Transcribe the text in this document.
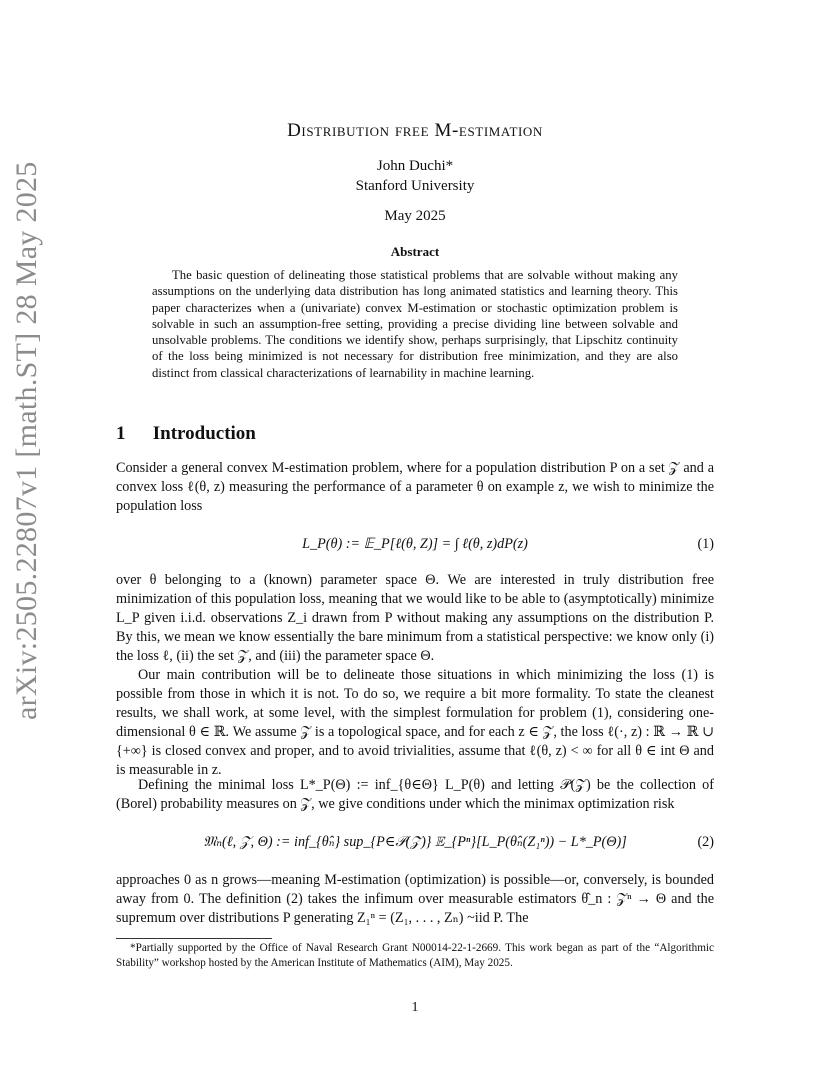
arXiv:2505.22807v1 [math.ST] 28 May 2025
Distribution free M-estimation
John Duchi*
Stanford University
May 2025
Abstract

The basic question of delineating those statistical problems that are solvable without making any assumptions on the underlying data distribution has long animated statistics and learning theory. This paper characterizes when a (univariate) convex M-estimation or stochastic optimization problem is solvable in such an assumption-free setting, providing a precise dividing line between solvable and unsolvable problems. The conditions we identify show, perhaps surprisingly, that Lipschitz continuity of the loss being minimized is not necessary for distribution free minimization, and they are also distinct from classical characterizations of learnability in machine learning.

1 Introduction

Consider a general convex M-estimation problem, where for a population distribution P on a set 𝒵 and a convex loss ℓ(θ, z) measuring the performance of a parameter θ on example z, we wish to minimize the population loss

L_P(θ) := 𝔼_P[ℓ(θ, Z)] = ∫ ℓ(θ, z)dP(z)	(1)

over θ belonging to a (known) parameter space Θ. We are interested in truly distribution free minimization of this population loss, meaning that we would like to be able to (asymptotically) minimize L_P given i.i.d. observations Z_i drawn from P without making any assumptions on the distribution P. By this, we mean we know essentially the bare minimum from a statistical perspective: we know only (i) the loss ℓ, (ii) the set 𝒵, and (iii) the parameter space Θ.

Our main contribution will be to delineate those situations in which minimizing the loss (1) is possible from those in which it is not. To do so, we require a bit more formality. To state the cleanest results, we shall work, at some level, with the simplest formulation for problem (1), considering one-dimensional θ ∈ ℝ. We assume 𝒵 is a topological space, and for each z ∈ 𝒵, the loss ℓ(·, z) : ℝ → ℝ ∪ {+∞} is closed convex and proper, and to avoid trivialities, assume that ℓ(θ, z) < ∞ for all θ ∈ int Θ and is measurable in z.

Defining the minimal loss L*_P(Θ) := inf_{θ∈Θ} L_P(θ) and letting 𝒫(𝒵) be the collection of (Borel) probability measures on 𝒵, we give conditions under which the minimax optimization risk

𝔐ₙ(ℓ, 𝒵, Θ) := inf_{θ̂ₙ} sup_{P∈𝒫(𝒵)} 𝔼_{Pⁿ}[L_P(θ̂ₙ(Z₁ⁿ)) − L*_P(Θ)]	(2)

approaches 0 as n grows—meaning M-estimation (optimization) is possible—or, conversely, is bounded away from 0. The definition (2) takes the infimum over measurable estimators θ̂_n : 𝒵ⁿ → Θ and the supremum over distributions P generating Z₁ⁿ = (Z₁, . . . , Zₙ) ~iid P. The

*Partially supported by the Office of Naval Research Grant N00014-22-1-2669. This work began as part of the “Algorithmic Stability” workshop hosted by the American Institute of Mathematics (AIM), May 2025.

1
